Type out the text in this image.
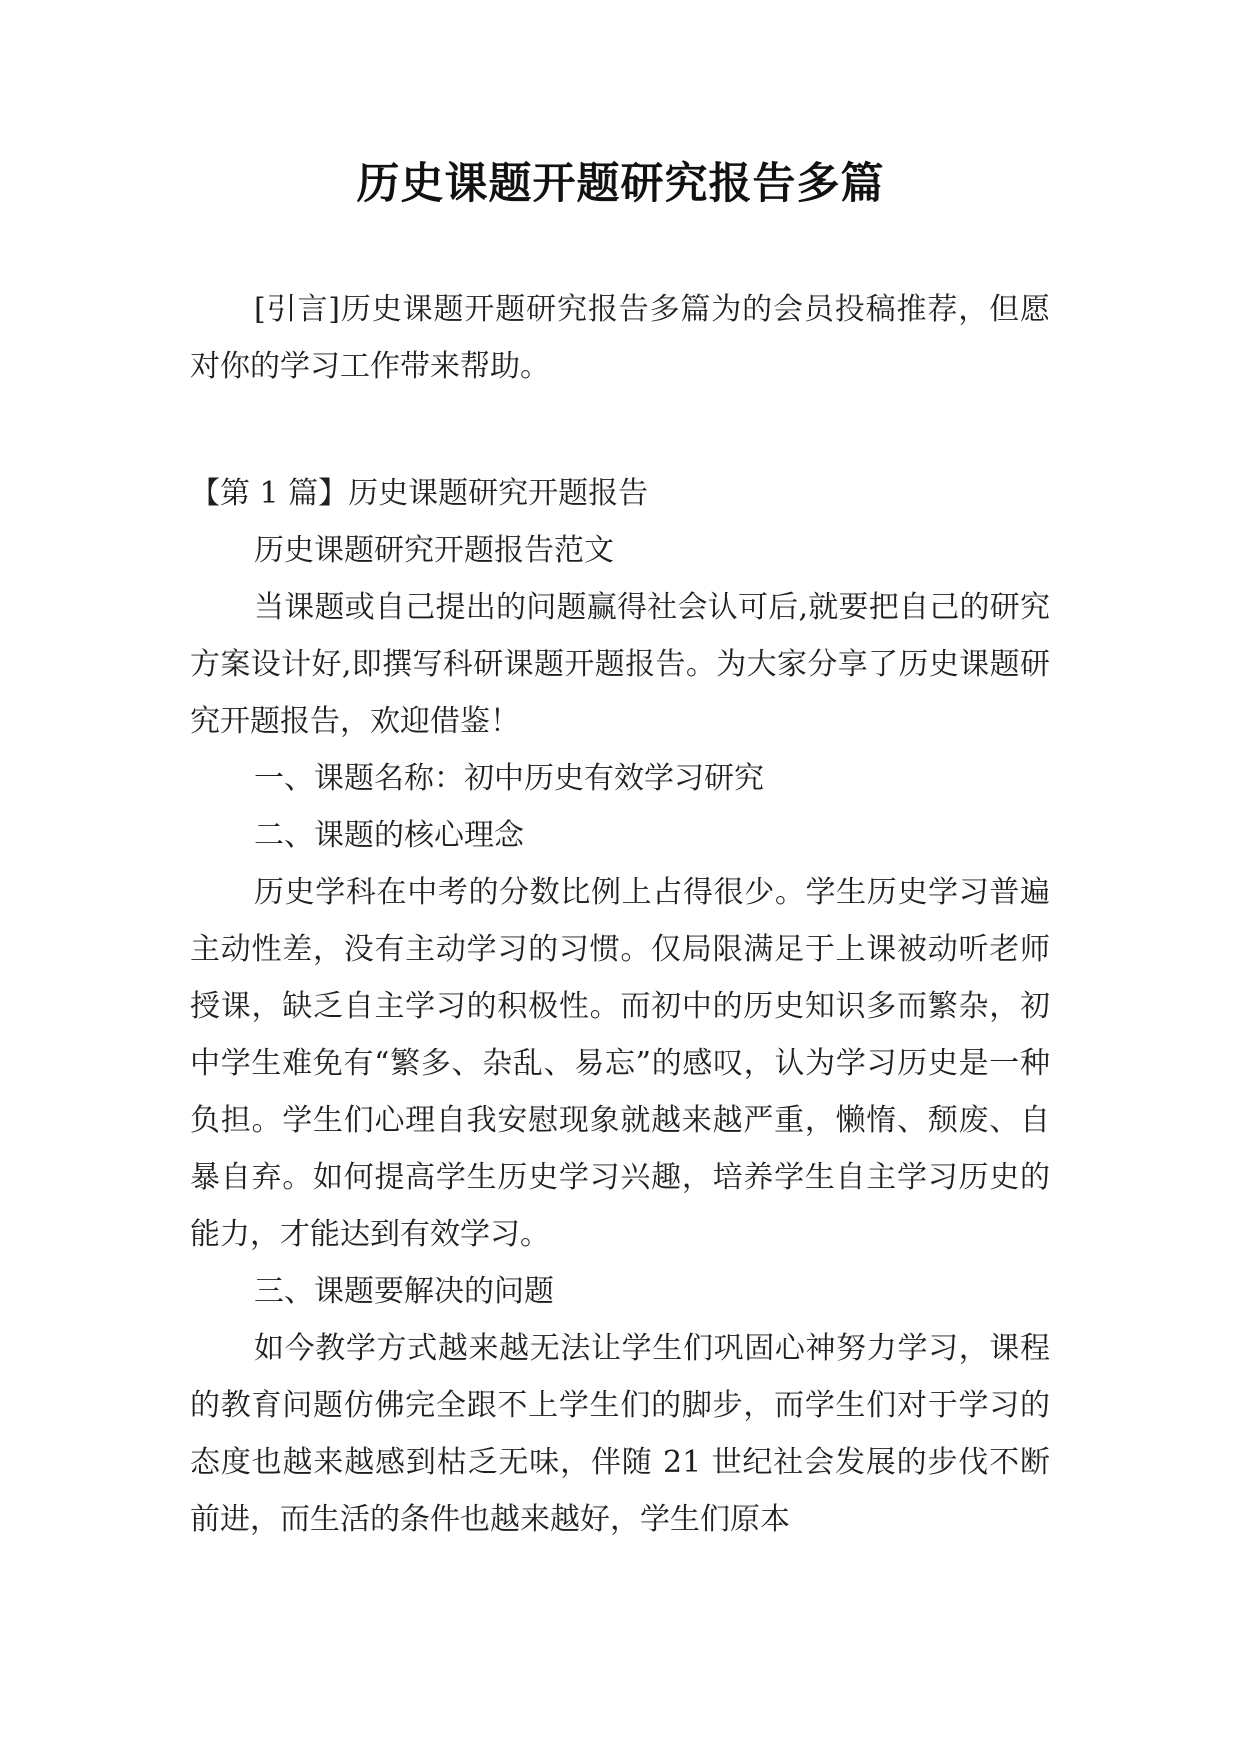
历史课题开题研究报告多篇

[引言]历史课题开题研究报告多篇为的会员投稿推荐，但愿对你的学习工作带来帮助。

【第 1 篇】历史课题研究开题报告

历史课题研究开题报告范文

当课题或自己提出的问题赢得社会认可后,就要把自己的研究方案设计好,即撰写科研课题开题报告。为大家分享了历史课题研究开题报告，欢迎借鉴！

一、课题名称：初中历史有效学习研究

二、课题的核心理念

历史学科在中考的分数比例上占得很少。学生历史学习普遍主动性差，没有主动学习的习惯。仅局限满足于上课被动听老师授课，缺乏自主学习的积极性。而初中的历史知识多而繁杂，初中学生难免有“繁多、杂乱、易忘”的感叹，认为学习历史是一种负担。学生们心理自我安慰现象就越来越严重，懒惰、颓废、自暴自弃。如何提高学生历史学习兴趣，培养学生自主学习历史的能力，才能达到有效学习。

三、课题要解决的问题

如今教学方式越来越无法让学生们巩固心神努力学习，课程的教育问题仿佛完全跟不上学生们的脚步，而学生们对于学习的态度也越来越感到枯乏无味，伴随 21 世纪社会发展的步伐不断前进，而生活的条件也越来越好，学生们原本
